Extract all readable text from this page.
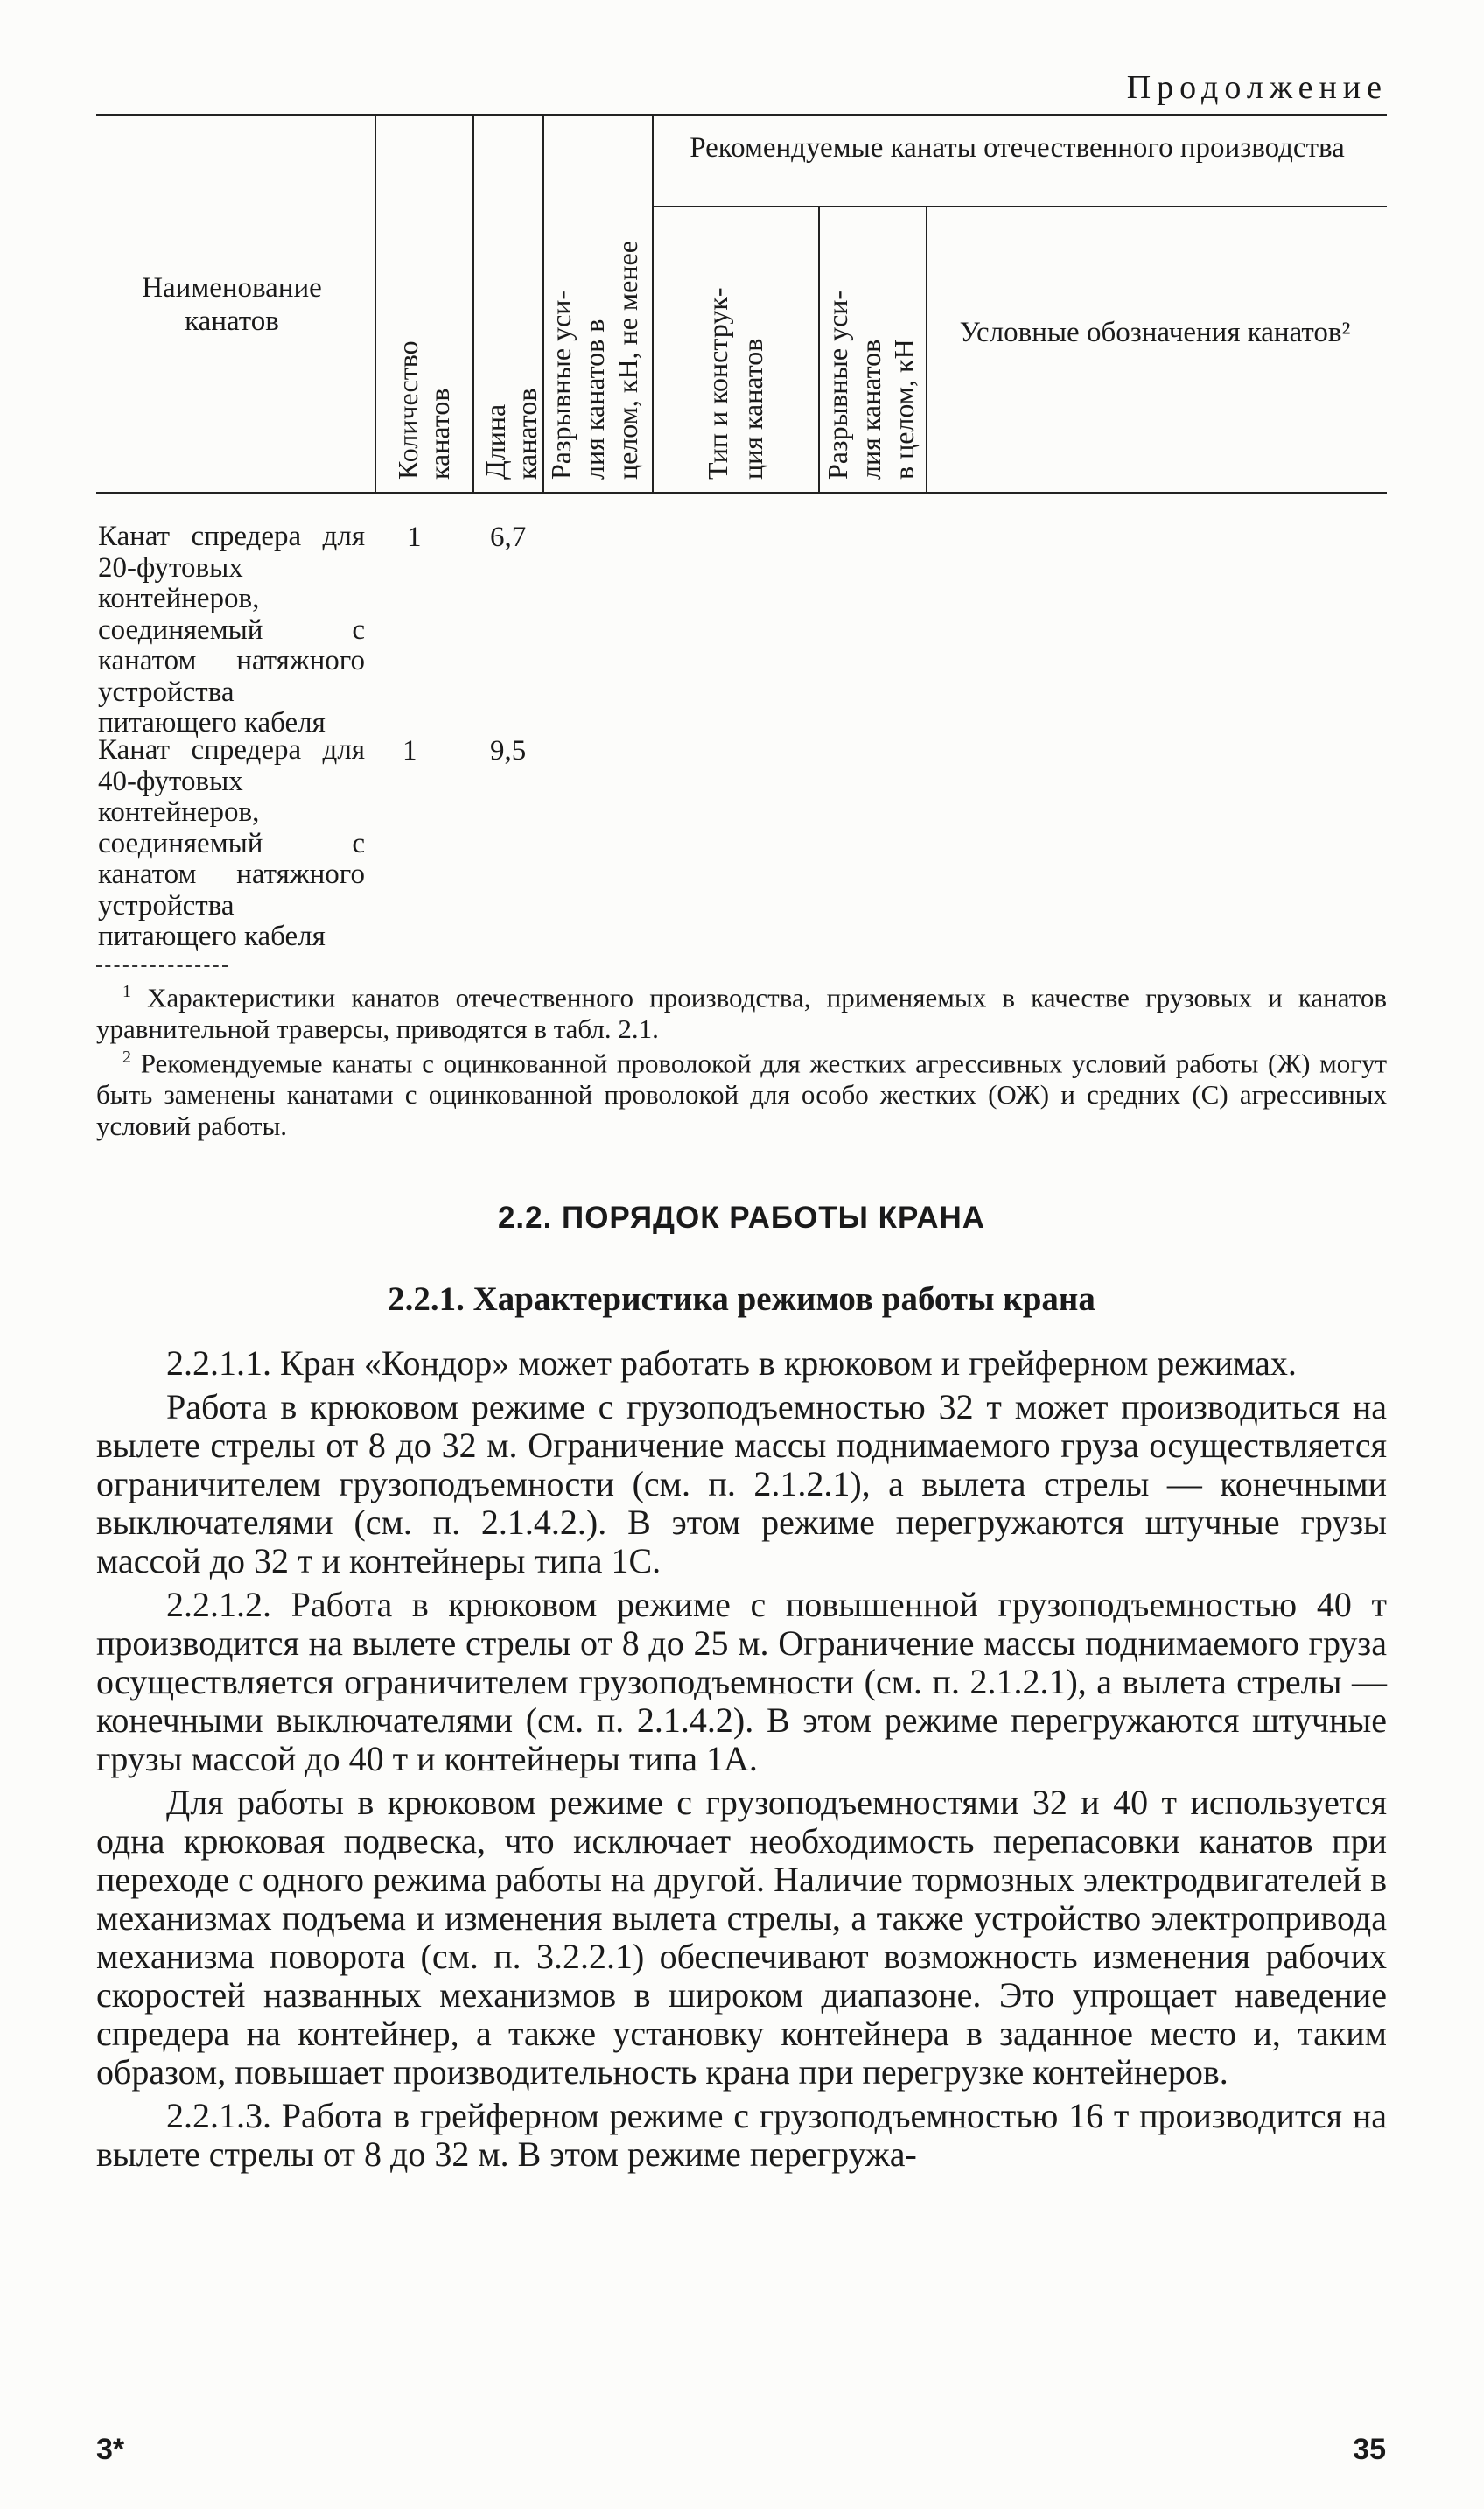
Продолжение
Наименование канатов
Количество канатов Длина канатов Разрывные уси- лия канатов в целом, кН, не менее
Рекомендуемые канаты отечественного производства
Тип и конструк- ция канатов Разрывные уси- лия канатов в целом, кН
Условные обозначения канатов²
Канат спредера для 20-футовых контейнеров, соединяемый с канатом натяжного устройства питающего кабеля
1 6,7
Канат спредера для 40-футовых контейнеров, соединяемый с канатом натяжного устройства питающего кабеля
1	9,5
$^1$ Характеристики канатов отечественного производства, применяемых в качестве грузовых и канатов уравнительной траверсы, приводятся в табл. 2.1.
$^2$ Рекомендуемые канаты с оцинкованной проволокой для жестких агрессивных условий работы (Ж) могут быть заменены канатами с оцинкованной проволокой для особо жестких (ОЖ) и средних (С) агрессивных условий работы.
2.2. ПОРЯДОК РАБОТЫ КРАНА
2.2.1. Характеристика режимов работы крана

2.2.1.1. Кран «Кондор» может работать в крюковом и грейферном режимах.

Работа в крюковом режиме с грузоподъемностью 32 т может производиться на вылете стрелы от 8 до 32 м. Ограничение массы поднимаемого груза осуществляется ограничителем грузоподъемности (см. п. 2.1.2.1), а вылета стрелы — конечными выключателями (см. п. 2.1.4.2.). В этом режиме перегружаются штучные грузы массой до 32 т и контейнеры типа 1С.

2.2.1.2. Работа в крюковом режиме с повышенной грузоподъемностью 40 т производится на вылете стрелы от 8 до 25 м. Ограничение массы поднимаемого груза осуществляется ограничителем грузоподъемности (см. п. 2.1.2.1), а вылета стрелы — конечными выключателями (см. п. 2.1.4.2). В этом режиме перегружаются штучные грузы массой до 40 т и контейнеры типа 1А.

Для работы в крюковом режиме с грузоподъемностями 32 и 40 т используется одна крюковая подвеска, что исключает необходимость перепасовки канатов при переходе с одного режима работы на другой. Наличие тормозных электродвигателей в механизмах подъема и изменения вылета стрелы, а также устройство электропривода механизма поворота (см. п. 3.2.2.1) обеспечивают возможность изменения рабочих скоростей названных механизмов в широком диапазоне. Это упрощает наведение спредера на контейнер, а также установку контейнера в заданное место и, таким образом, повышает производительность крана при перегрузке контейнеров.

2.2.1.3. Работа в грейферном режиме с грузоподъемностью 16 т производится на вылете стрелы от 8 до 32 м. В этом режиме перегружа-

3*	35
